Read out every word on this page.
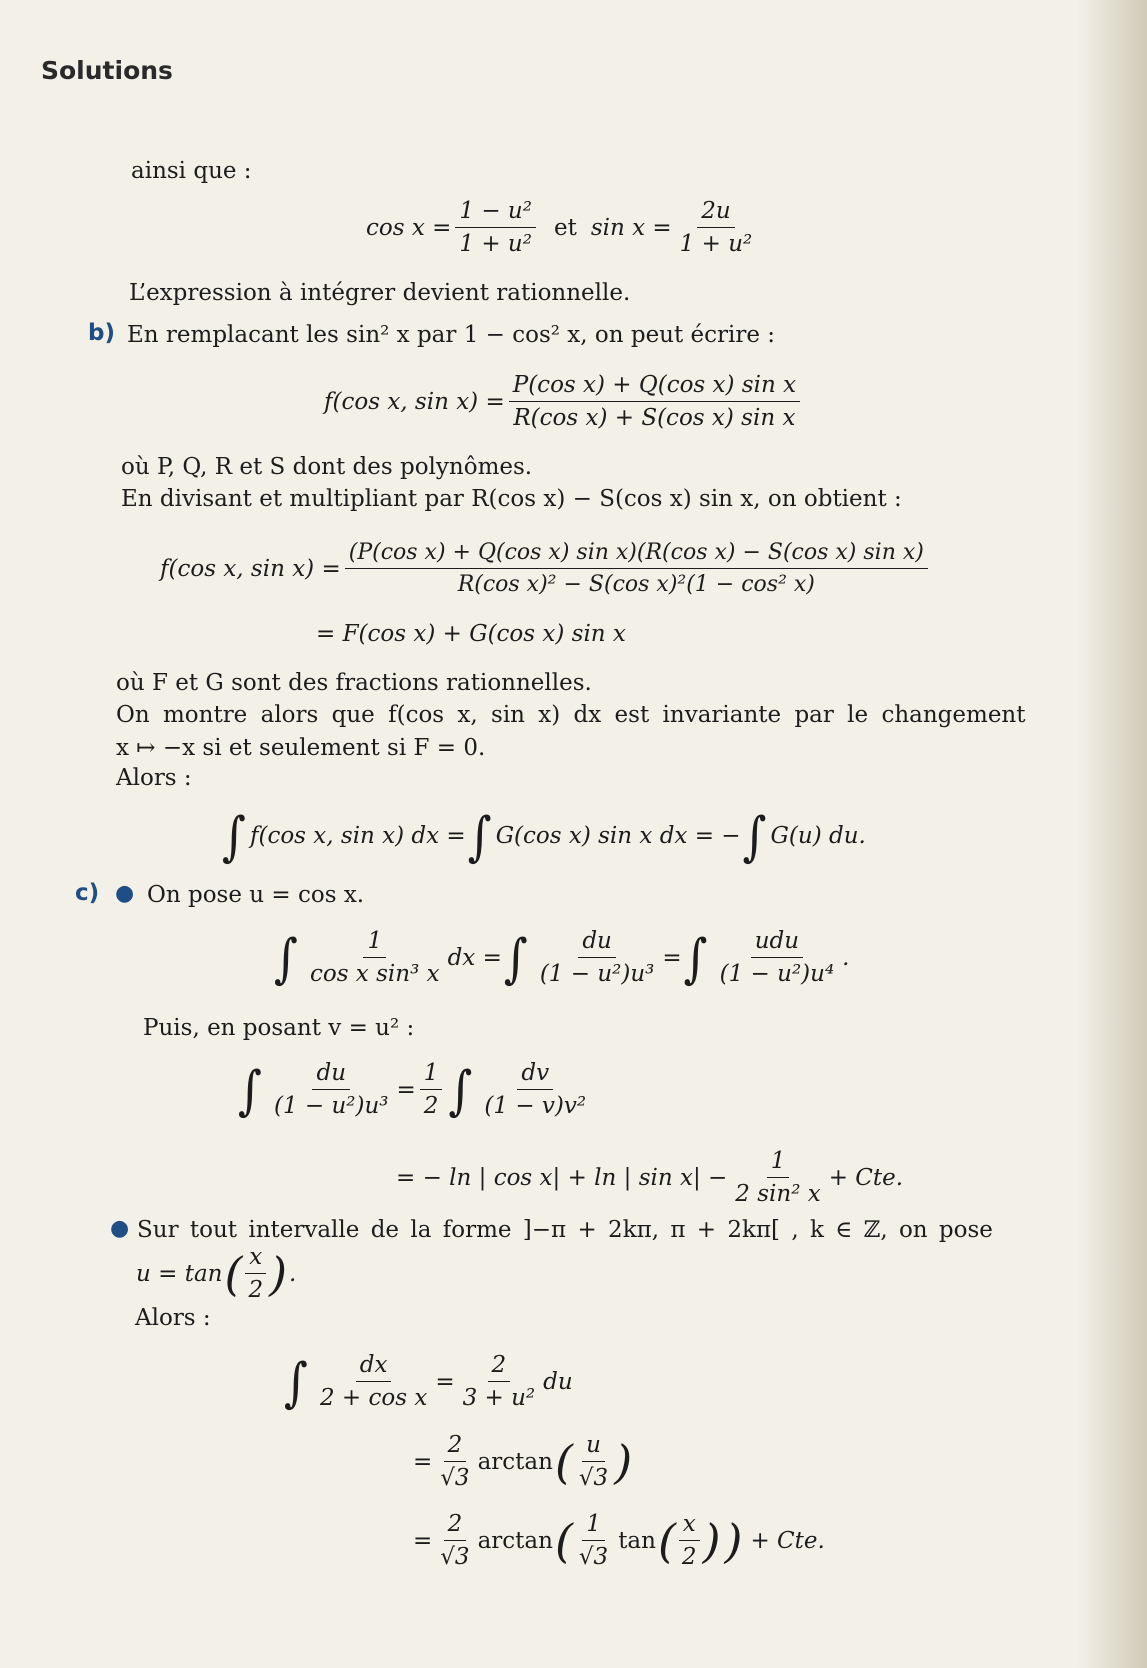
Solutions
ainsi que :
$\cos x = \frac{\text{1 − u²}}{\text{1 + u²}}$ et $\sin x = \frac{2u}{\text{1 + u²}}$
L’expression à intégrer devient rationnelle.
b) En remplacant les sin² x par 1 − cos² x, on peut écrire :
f(cos x, $\sin x) = \frac{\text{P(cos x) + Q(cos x) sin x}}{\text{R(cos x) + S(cos x) sin x}}$
où P, Q, R et S dont des polynômes.
En divisant et multipliant par R(cos x) − S(cos x) sin x, on obtient :
f(cos x, $\sin x) = \frac{\text{(P(cos x) + Q(cos x) sin x)(R(cos x) − S(cos x) sin x)}}{\text{R(cos x)² − S(cos x)²(1 − cos² x)}}$
= F(cos x) + G(cos x) sin x
où F et G sont des fractions rationnelles.
On montre alors que f(cos x, sin x) dx est invariante par le changement
x ↦ −x si et seulement si F = 0.
Alors :
∫ f(cos x, sin x) dx = ∫ G(cos x) sin x dx = − ∫ G(u) du.
c) ● On pose u = cos x.
∫ $\frac{1}{\text{cos x sin³ x}}$ dx = ∫ $\frac{du}{\text{(1 − u²)u³}}$ = ∫ $\frac{\text{udu}}{\text{(1 − u²)u⁴}}$ .
Puis, en posant v = u² :
∫ $\frac{du}{\text{(1 − u²)u³}} = \frac{1}{2}$ ∫ $\frac{dv}{\text{(1 − v)v²}}$
= − ln | cos x| + ln | $\sin x| - \frac{1}{\text{2 sin² x}}$ + Cte.
● Sur tout intervalle de la forme ]−π + 2kπ, π + 2kπ[ , k ∈ ℤ, on pose
u = tan ( $\frac{x}{2}$ ) .
Alors :
∫ $\frac{dx}{\text{2 + cos x}} = \frac{2}{\text{3 + u²}}$ du
= $\frac{2}{√3}$ arctan ( $\frac{u}{√3}$ )
= $\frac{2}{√3}$ arctan ( $\frac{1}{√3}$ tan ( $\frac{x}{2}$ ) ) + Cte.
